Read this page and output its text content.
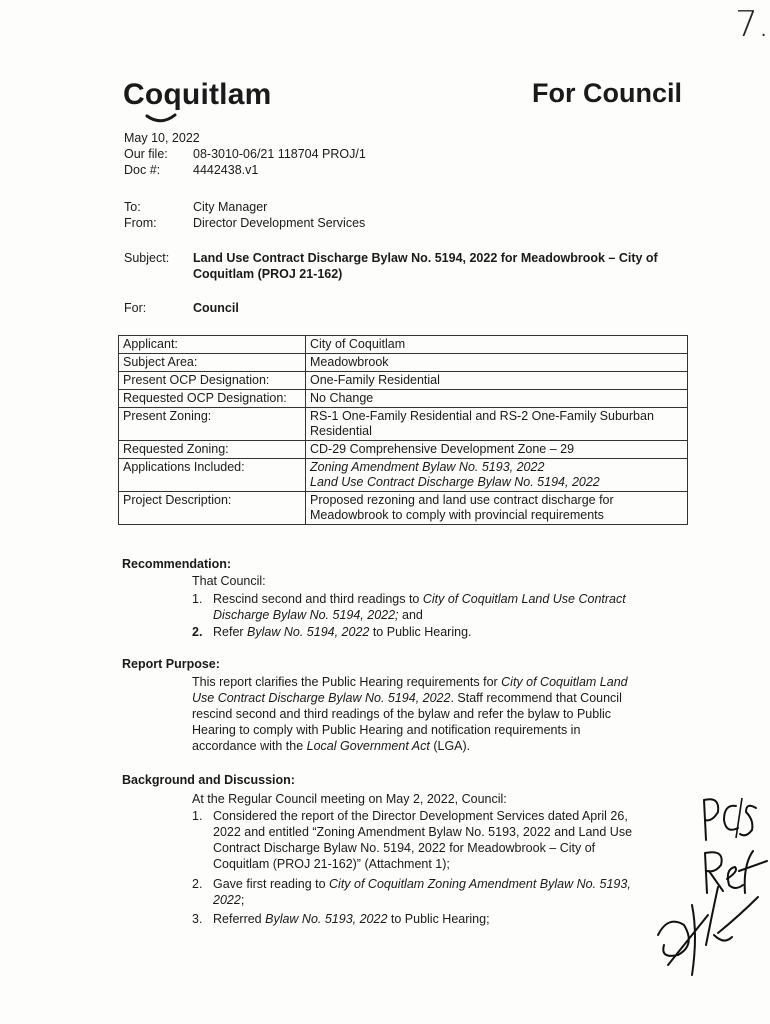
7.
Coquitlam	For Council
May 10, 2022
Our file: 08-3010-06/21 118704 PROJ/1
Doc #:	4442438.v1
To:	City Manager
From:	Director Development Services
Subject: Land Use Contract Discharge Bylaw No. 5194, 2022 for Meadowbrook – City of
Coquitlam (PROJ 21-162)
For:	Council
Applicant:	City of Coquitlam
Subject Area:	Meadowbrook
Present OCP Designation:	One-Family Residential
Requested OCP Designation:	No Change
Present Zoning:	RS-1 One-Family Residential and RS-2 One-Family Suburban
Residential
Requested Zoning:	CD-29 Comprehensive Development Zone – 29
Applications Included:	Zoning Amendment Bylaw No. 5193, 2022
Land Use Contract Discharge Bylaw No. 5194, 2022
Project Description:	Proposed rezoning and land use contract discharge for
Meadowbrook to comply with provincial requirements
Recommendation:
That Council:
1. Rescind second and third readings to City of Coquitlam Land Use Contract
Discharge Bylaw No. 5194, 2022; and
2. Refer Bylaw No. 5194, 2022 to Public Hearing.
Report Purpose:
This report clarifies the Public Hearing requirements for City of Coquitlam Land
Use Contract Discharge Bylaw No. 5194, 2022. Staff recommend that Council
rescind second and third readings of the bylaw and refer the bylaw to Public
Hearing to comply with Public Hearing and notification requirements in
accordance with the Local Government Act (LGA).
Background and Discussion:
At the Regular Council meeting on May 2, 2022, Council:
1. Considered the report of the Director Development Services dated April 26,
2022 and entitled “Zoning Amendment Bylaw No. 5193, 2022 and Land Use
Contract Discharge Bylaw No. 5194, 2022 for Meadowbrook – City of
Coquitlam (PROJ 21-162)” (Attachment 1);
2. Gave first reading to City of Coquitlam Zoning Amendment Bylaw No. 5193,
2022;
3. Referred Bylaw No. 5193, 2022 to Public Hearing;
